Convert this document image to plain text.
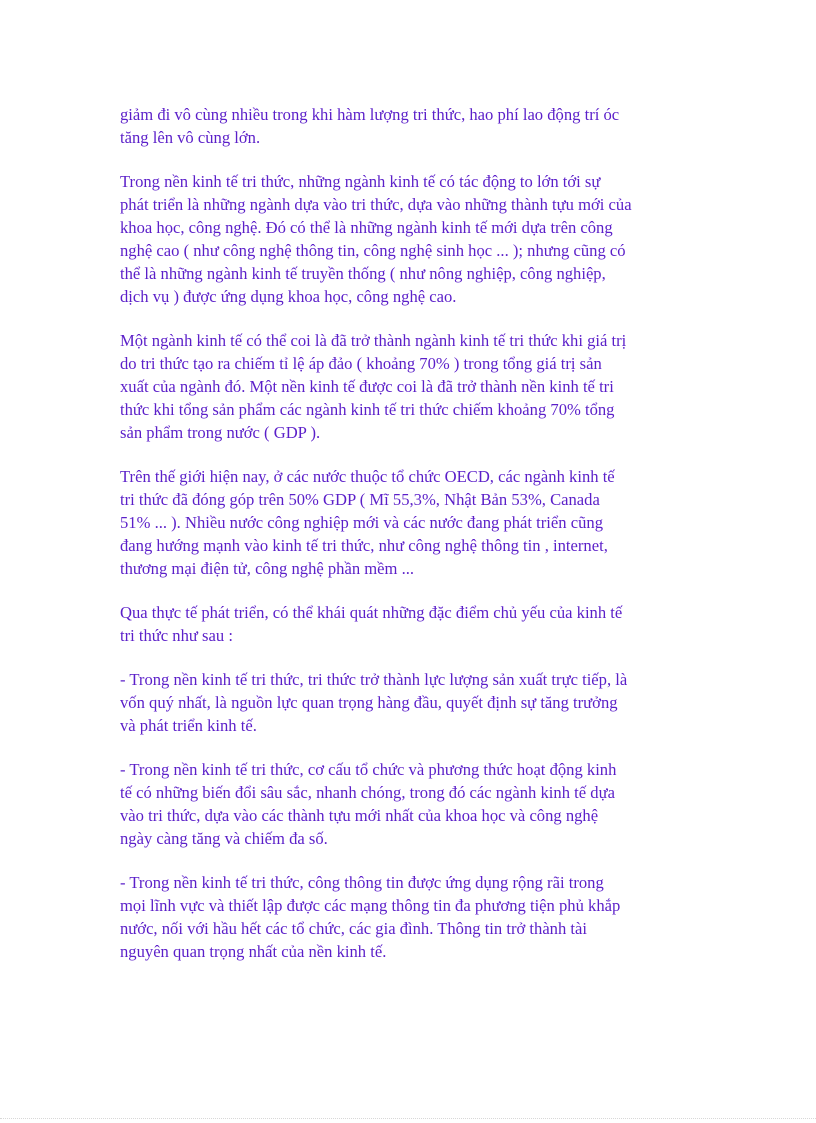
giảm đi vô cùng nhiều trong khi hàm lượng tri thức, hao phí lao động trí óc
tăng lên vô cùng lớn.

Trong nền kinh tế tri thức, những ngành kinh tế có tác động to lớn tới sự
phát triển là những ngành dựa vào tri thức, dựa vào những thành tựu mới của
khoa học, công nghệ. Đó có thể là những ngành kinh tế mới dựa trên công
nghệ cao ( như công nghệ thông tin, công nghệ sinh học ... ); nhưng cũng có
thể là những ngành kinh tế truyền thống ( như nông nghiệp, công nghiệp,
dịch vụ ) được ứng dụng khoa học, công nghệ cao.

Một ngành kinh tế có thể coi là đã trở thành ngành kinh tế tri thức khi giá trị
do tri thức tạo ra chiếm tỉ lệ áp đảo ( khoảng 70% ) trong tổng giá trị sản
xuất của ngành đó. Một nền kinh tế được coi là đã trở thành nền kinh tế tri
thức khi tổng sản phẩm các ngành kinh tế tri thức chiếm khoảng 70% tổng
sản phẩm trong nước ( GDP ).

Trên thế giới hiện nay, ở các nước thuộc tổ chức OECD, các ngành kinh tế
tri thức đã đóng góp trên 50% GDP ( Mĩ 55,3%, Nhật Bản 53%, Canada
51% ... ). Nhiều nước công nghiệp mới và các nước đang phát triển cũng
đang hướng mạnh vào kinh tế tri thức, như công nghệ thông tin , internet,
thương mại điện tử, công nghệ phần mềm ...

Qua thực tế phát triển, có thể khái quát những đặc điểm chủ yếu của kinh tế
tri thức như sau :

- Trong nền kinh tế tri thức, tri thức trở thành lực lượng sản xuất trực tiếp, là
vốn quý nhất, là nguồn lực quan trọng hàng đầu, quyết định sự tăng trưởng
và phát triển kinh tế.

- Trong nền kinh tế tri thức, cơ cấu tổ chức và phương thức hoạt động kinh
tế có những biến đổi sâu sắc, nhanh chóng, trong đó các ngành kinh tế dựa
vào tri thức, dựa vào các thành tựu mới nhất của khoa học và công nghệ
ngày càng tăng và chiếm đa số.

- Trong nền kinh tế tri thức, công thông tin được ứng dụng rộng rãi trong
mọi lĩnh vực và thiết lập được các mạng thông tin đa phương tiện phủ khắp
nước, nối với hầu hết các tổ chức, các gia đình. Thông tin trở thành tài
nguyên quan trọng nhất của nền kinh tế.
